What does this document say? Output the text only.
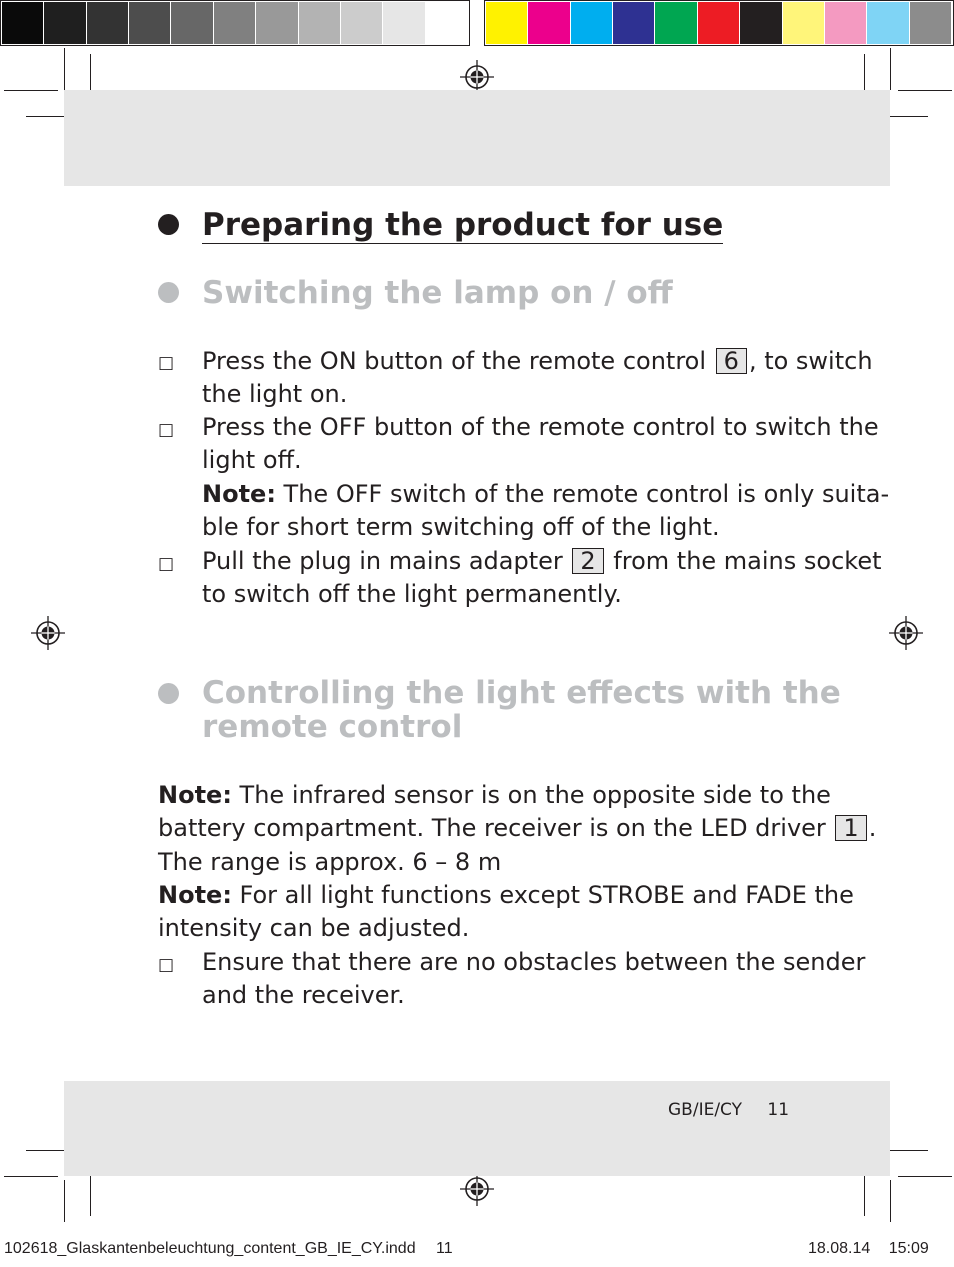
Preparing the product for use
Switching the lamp on / off
□ Press the ON button of the remote control 6 , to switch
the light on.

□ Press the OFF button of the remote control to switch the
light off.
Note: The OFF switch of the remote control is only suita-
ble for short term switching off of the light.

□ Pull the plug in mains adapter 2 from the mains socket
to switch off the light permanently.

Controlling the light effects with the
remote control

Note: The infrared sensor is on the opposite side to the
battery compartment. The receiver is on the LED driver 1 .
The range is approx. 6 – 8 m

Note: For all light functions except STROBE and FADE the
intensity can be adjusted.

□ Ensure that there are no obstacles between the sender
and the receiver.

GB/IE/CY 11
102618_Glaskantenbeleuchtung_content_GB_IE_CY.indd 11	18.08.14 15:09
